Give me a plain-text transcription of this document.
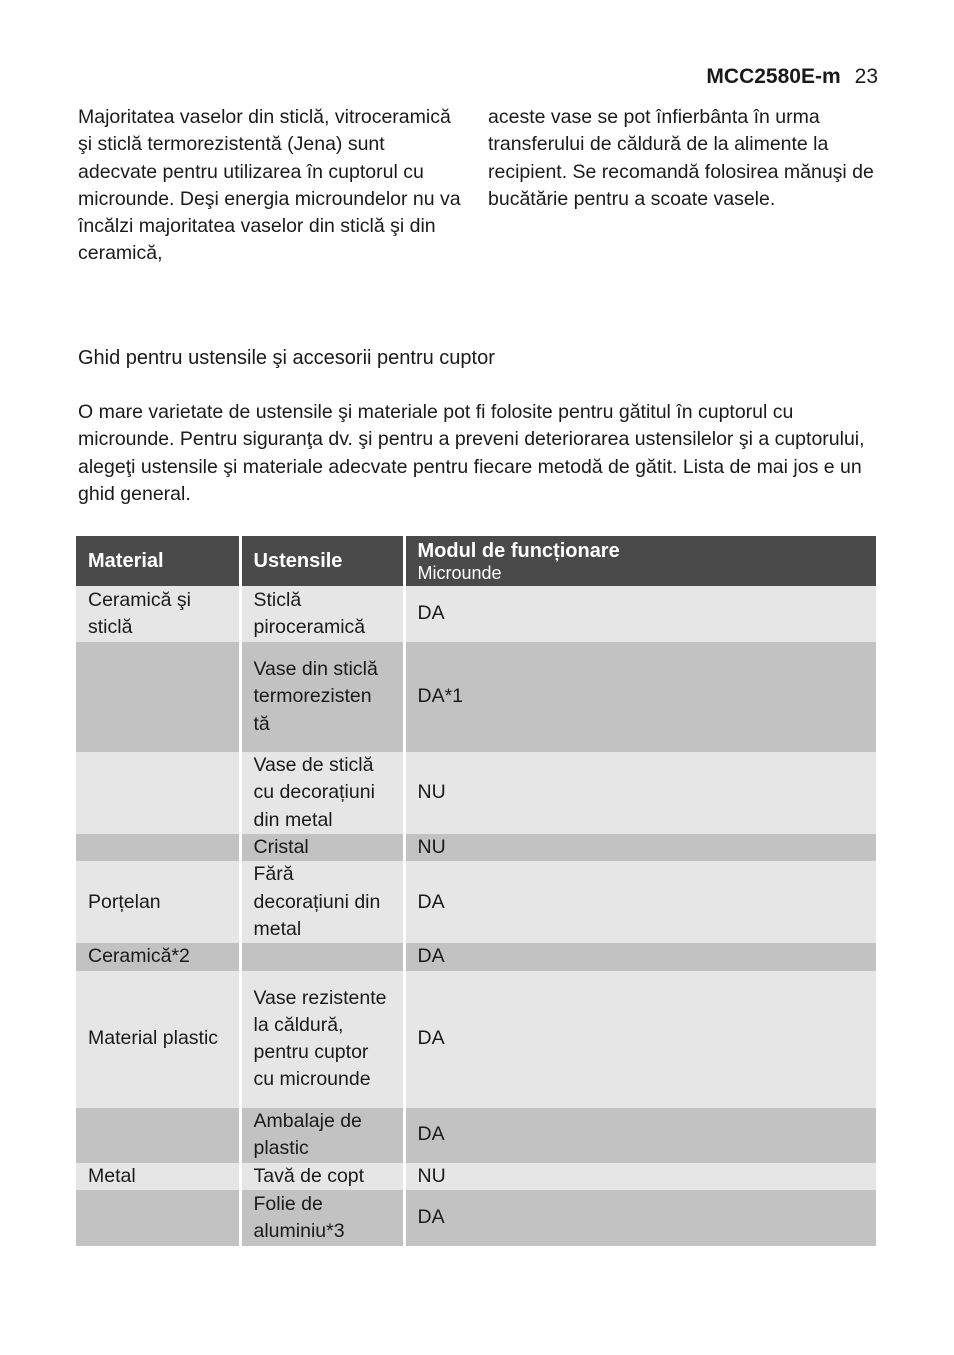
MCC2580E-m 23

Majoritatea vaselor din sticlă, vitroceramică şi sticlă termorezistentă (Jena) sunt adecvate pentru utilizarea în cuptorul cu microunde. Deşi energia microundelor nu va încălzi majoritatea vaselor din sticlă şi din ceramică,

aceste vase se pot înfierbânta în urma transferului de căldură de la alimente la recipient. Se recomandă folosirea mănuşi de bucătărie pentru a scoate vasele.

Ghid pentru ustensile şi accesorii pentru cuptor

O mare varietate de ustensile şi materiale pot fi folosite pentru gătitul în cuptorul cu microunde. Pentru siguranţa dv. şi pentru a preveni deteriorarea ustensilelor şi a cuptorului, alegeţi ustensile şi materiale adecvate pentru fiecare metodă de gătit. Lista de mai jos e un ghid general.

Material	Ustensile	Modul de funcționare
Microunde

Ceramică şi sticlă	Sticlă piroceramică	DA
	Vase din sticlă termorezisten tă	DA*1
	Vase de sticlă cu decorațiuni din metal	NU
	Cristal	NU
Porțelan	Fără decorațiuni din metal	DA
Ceramică*2		DA
Material plastic	Vase rezistente la căldură, pentru cuptor cu microunde	DA
	Ambalaje de plastic	DA
Metal	Tavă de copt	NU
	Folie de aluminiu*3	DA
